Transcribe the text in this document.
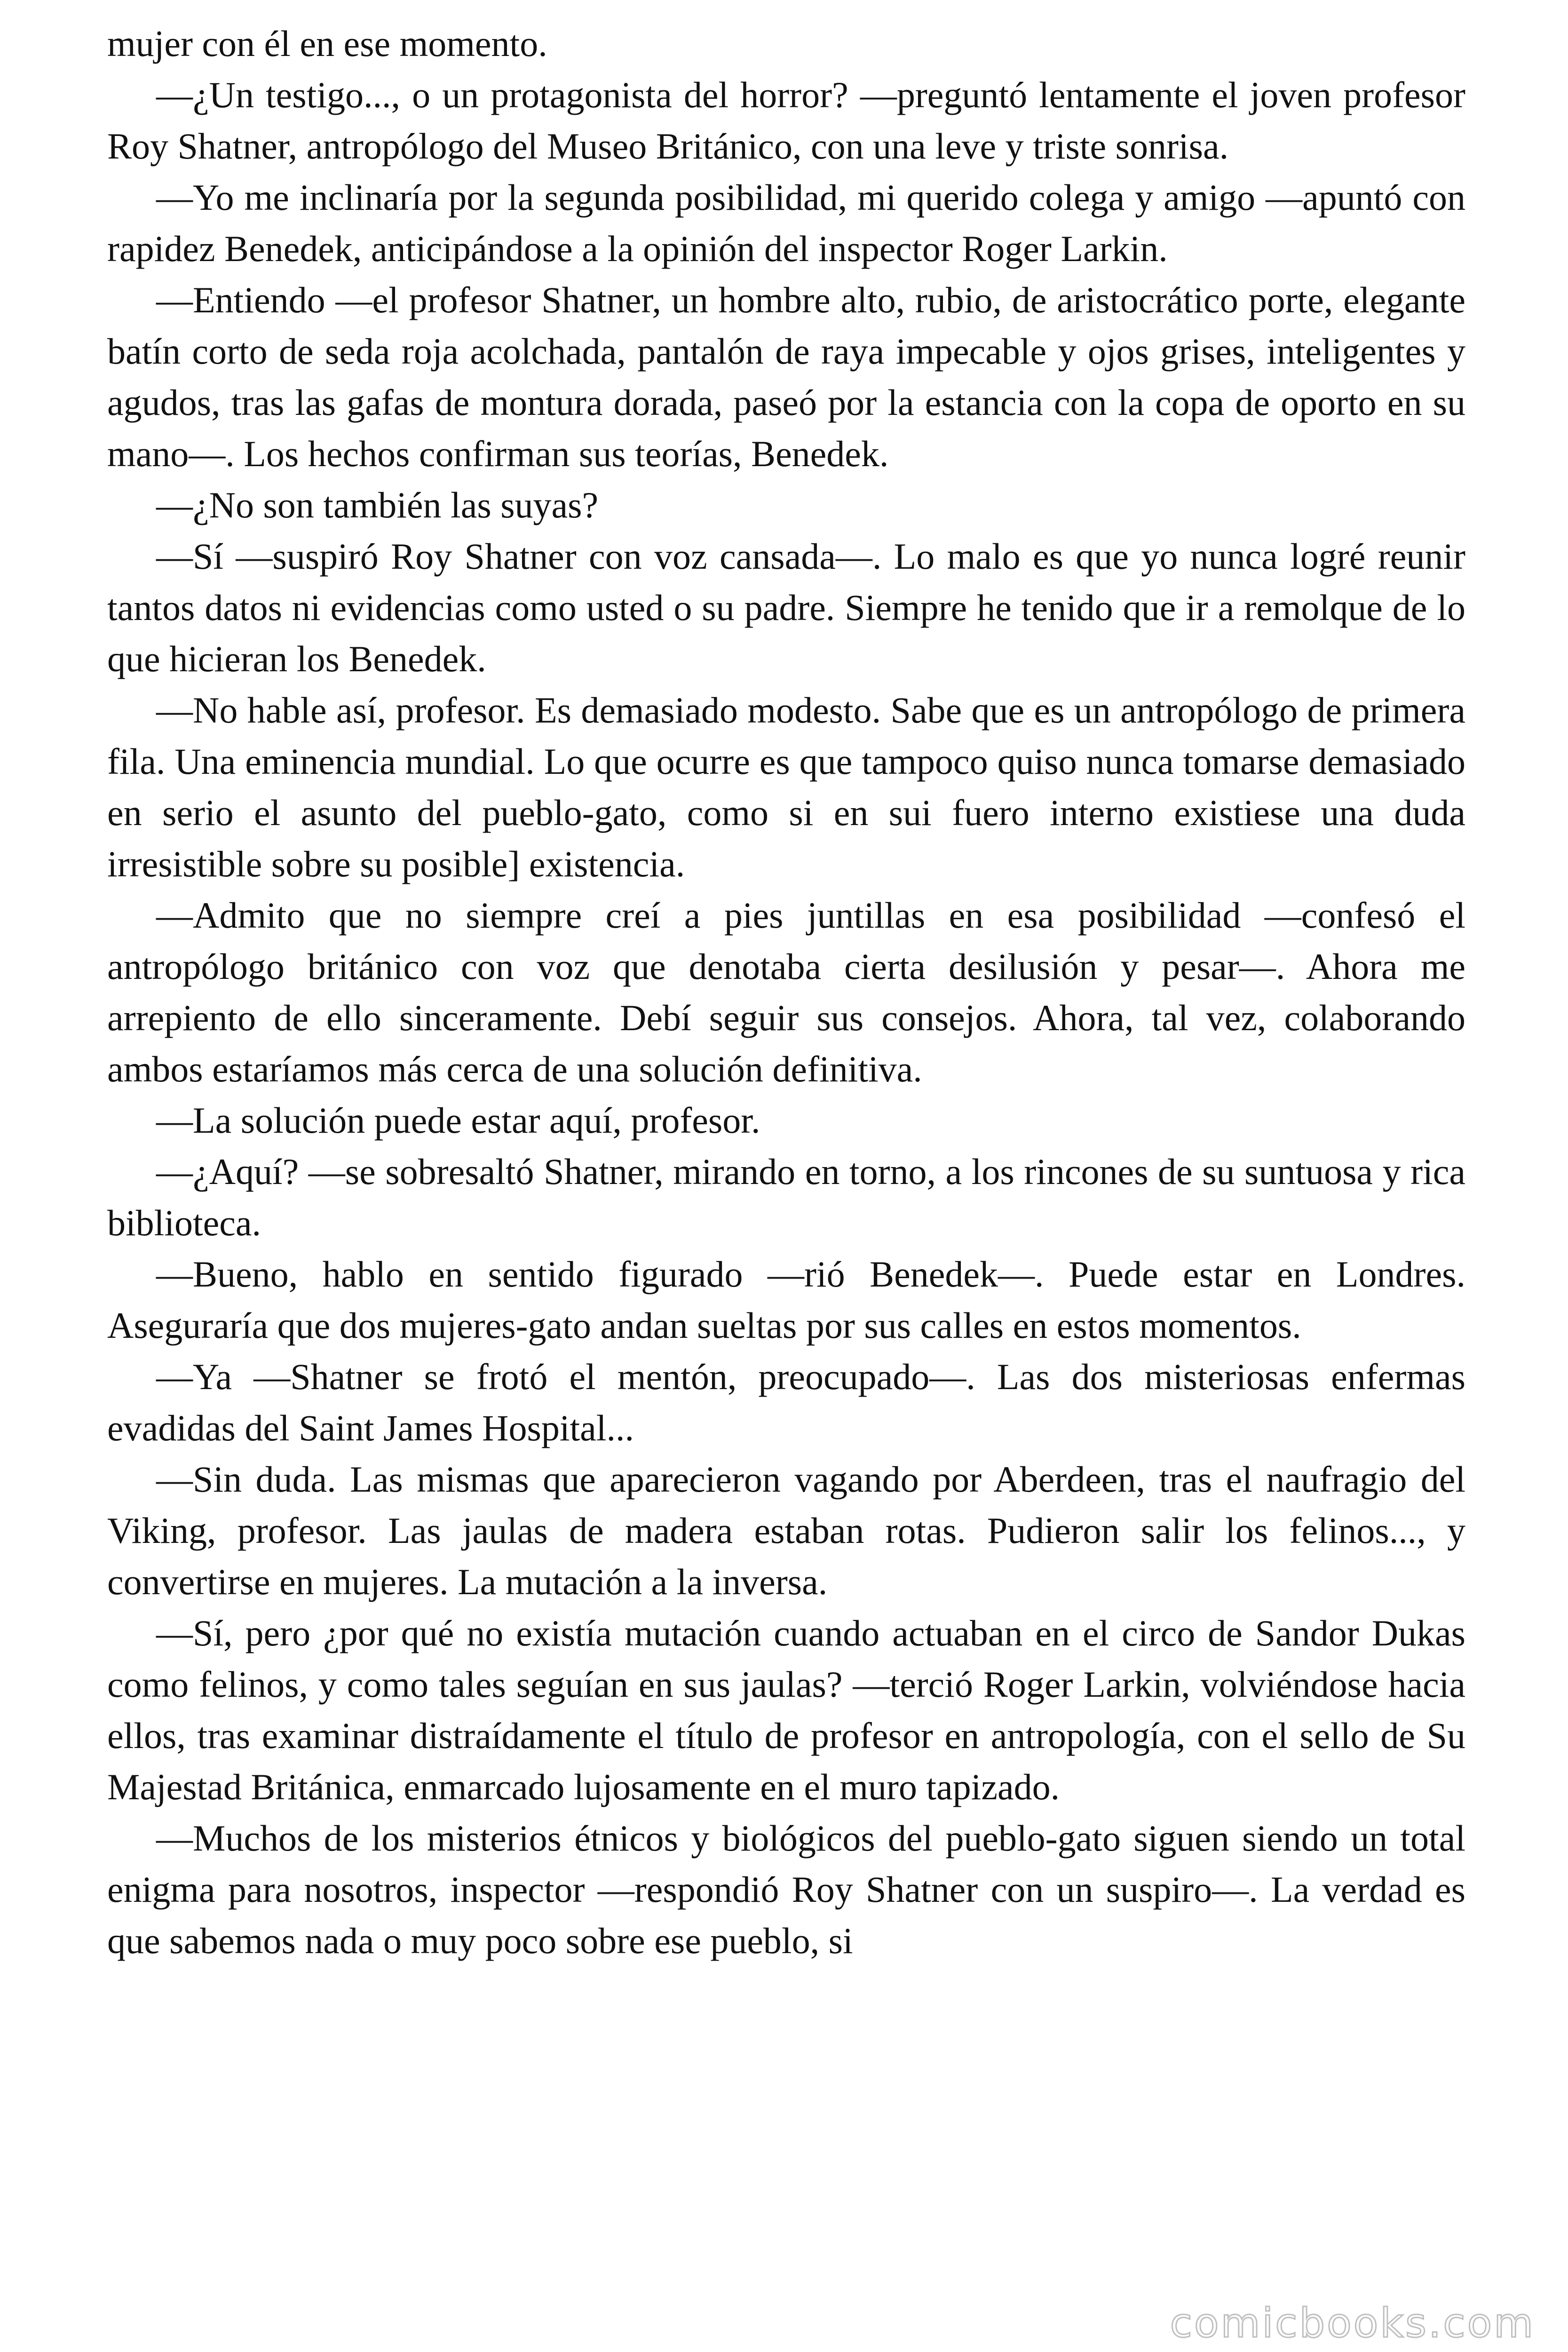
mujer con él en ese momento.

—¿Un testigo..., o un protagonista del horror? —preguntó lentamente el joven profesor Roy Shatner, antropólogo del Museo Británico, con una leve y triste sonrisa.

—Yo me inclinaría por la segunda posibilidad, mi querido colega y amigo —apuntó con rapidez Benedek, anticipándose a la opinión del inspector Roger Larkin.

—Entiendo —el profesor Shatner, un hombre alto, rubio, de aristocrático porte, elegante batín corto de seda roja acolchada, pantalón de raya impecable y ojos grises, inteligentes y agudos, tras las gafas de montura dorada, paseó por la estancia con la copa de oporto en su mano—. Los hechos confirman sus teorías, Benedek.

—¿No son también las suyas?

—Sí —suspiró Roy Shatner con voz cansada—. Lo malo es que yo nunca logré reunir tantos datos ni evidencias como usted o su padre. Siempre he tenido que ir a remolque de lo que hicieran los Benedek.

—No hable así, profesor. Es demasiado modesto. Sabe que es un antropólogo de primera fila. Una eminencia mundial. Lo que ocurre es que tampoco quiso nunca tomarse demasiado en serio el asunto del pueblo-gato, como si en sui fuero interno existiese una duda irresistible sobre su posible] existencia.

—Admito que no siempre creí a pies juntillas en esa posibilidad —confesó el antropólogo británico con voz que denotaba cierta desilusión y pesar—. Ahora me arrepiento de ello sinceramente. Debí seguir sus consejos. Ahora, tal vez, colaborando ambos estaríamos más cerca de una solución definitiva.

—La solución puede estar aquí, profesor.

—¿Aquí? —se sobresaltó Shatner, mirando en torno, a los rincones de su suntuosa y rica biblioteca.

—Bueno, hablo en sentido figurado —rió Benedek—. Puede estar en Londres. Aseguraría que dos mujeres-gato andan sueltas por sus calles en estos momentos.

—Ya —Shatner se frotó el mentón, preocupado—. Las dos misteriosas enfermas evadidas del Saint James Hospital...

—Sin duda. Las mismas que aparecieron vagando por Aberdeen, tras el naufragio del Viking, profesor. Las jaulas de madera estaban rotas. Pudieron salir los felinos..., y convertirse en mujeres. La mutación a la inversa.

—Sí, pero ¿por qué no existía mutación cuando actuaban en el circo de Sandor Dukas como felinos, y como tales seguían en sus jaulas? —terció Roger Larkin, volviéndose hacia ellos, tras examinar distraídamente el título de profesor en antropología, con el sello de Su Majestad Británica, enmarcado lujosamente en el muro tapizado.

—Muchos de los misterios étnicos y biológicos del pueblo-gato siguen siendo un total enigma para nosotros, inspector —respondió Roy Shatner con un suspiro—. La verdad es que sabemos nada o muy poco sobre ese pueblo, si

comicbooks.com
